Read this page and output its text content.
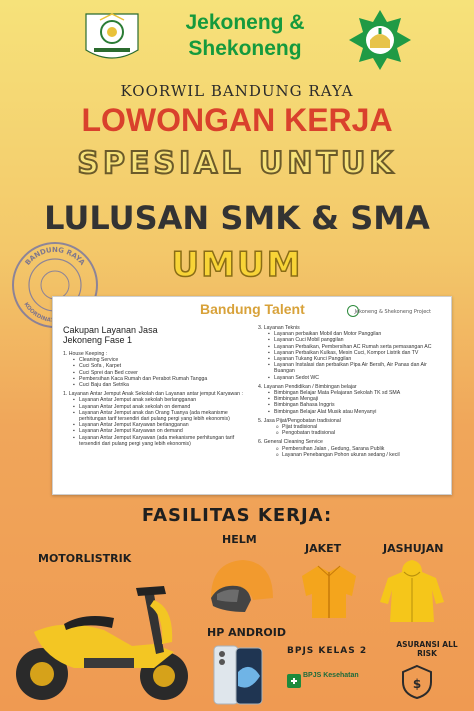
Jekoneng &
Shekoneng
KOORWIL BANDUNG RAYA
LOWONGAN KERJA
SPESIAL UNTUK
LULUSAN SMK & SMA
UMUM
BANDUNG RAYA
KOORDINA
Bandung Talent	Jekoneng & Shekoneng Project
Cakupan Layanan Jasa
Jekoneng Fase 1
1. House Keeping :
▪ Cleaning Service
▪ Cuci Sofa , Karpet
▪ Cuci Sprei dan Bed cover
▪ Pembersihan Kaca Rumah dan Perabot Rumah Tangga
▪ Cuci Baju dan Setrika
1. Layanan Antar Jemput Anak Sekolah dan Layanan antar jemput Karyawan :
▪ Layanan Antar Jemput anak sekolah berlangganan
▪ Layanan Antar Jemput anak sekolah on demand
▪ Layanan Antar Jemput anak dan Orang Tuanya (ada mekanisme perhitungan tarif tersendiri dari pulang pergi yang lebih ekonomis)
▪ Layanan Antar Jemput Karyawan berlangganan
▪ Layanan Antar Jemput Karyawan on demand
▪ Layanan Antar Jemput Karyawan (ada mekanisme perhitungan tarif tersendiri dari pulang pergi yang lebih ekonomis)
3. Layanan Teknis
▪ Layanan perbaikan Mobil dan Motor Panggilan
▪ Layanan Cuci Mobil panggilan
▪ Layanan Perbaikan, Pembersihan AC Rumah serta pemasangan AC
▪ Layanan Perbaikan Kulkas, Mesin Cuci, Kompor Listrik dan TV
▪ Layanan Tukang Kunci Panggilan
▪ Layanan Instalasi dan perbaikan Pipa Air Bersih, Air Panas dan Air Buangan
▪ Layanan Sedot WC
4. Layanan Pendidikan / Bimbingan belajar
▪ Bimbingan Belajar Mata Pelajaran Sekolah TK sd SMA
▪ Bimbingan Mengaji
▪ Bimbingan Bahasa Inggris
▪ Bimbingan Belajar Alat Musik atau Menyanyi
5. Jasa Pijat/Pengobatan tradisional
o Pijat tradisional
o Pengobatan tradisional
6. General Cleaning Service
o Pembersihan Jalan , Gedung, Sarana Publik
o Layanan Penebangan Pohon ukuran sedang / kecil
FASILITAS KERJA:
MOTORLISTRIK
HELM
JAKET	JASHUJAN
HP ANDROID
BPJS KELAS 2
BPJS Kesehatan
ASURANSI ALL RISK
$
